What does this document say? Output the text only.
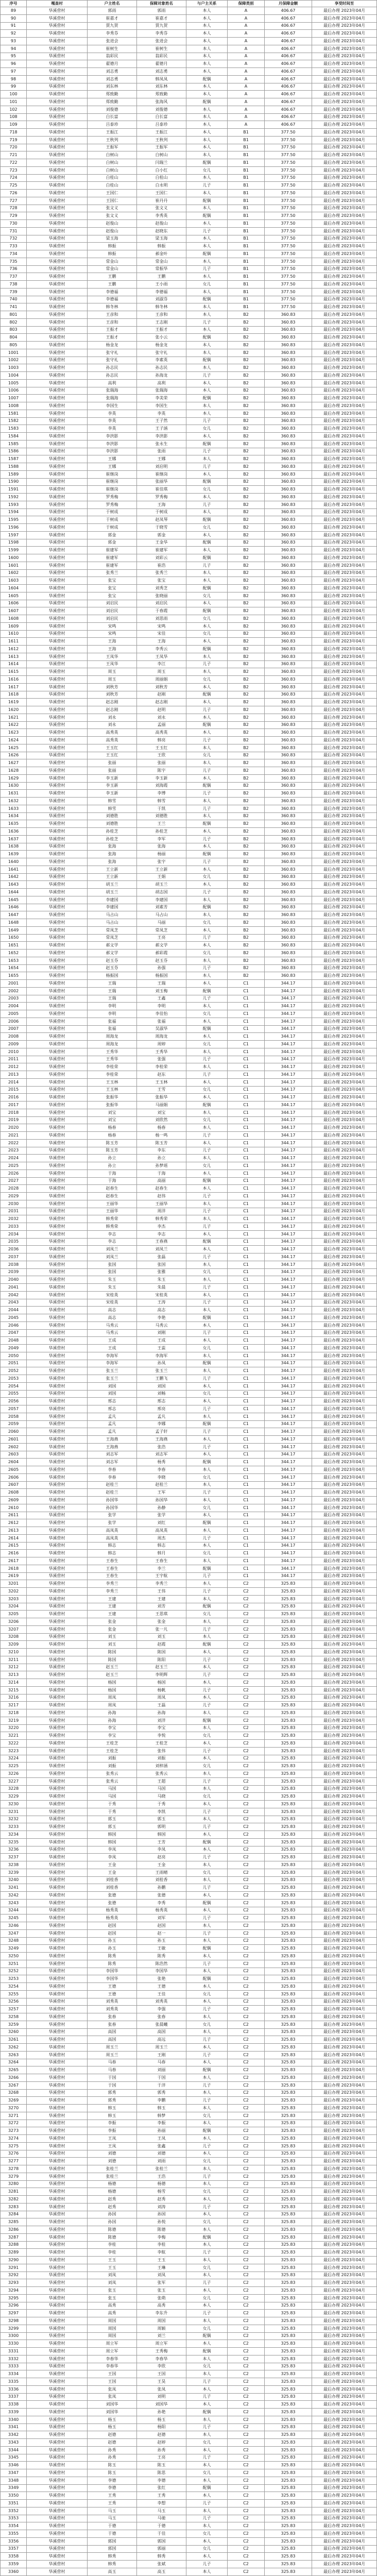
序号	嘎查村	户主姓名	保障对象姓名	与户主关系	保障类别	月保障金额	享受时间至
89	华溪营村	郭雨	郭雨	本人	A	406.67	最后办理 2023年04月
90	华溪营村	崔嘉才	崔嘉才	本人	A	406.67	最后办理 2023年04月
91	华溪营村	贾九贺	贾九贺	本人	A	406.67	最后办理 2023年04月
92	华溪营村	李秀芬	李秀芬	本人	A	406.67	最后办理 2023年04月
93	华溪营村	张进会	张进会	本人	A	406.67	最后办理 2023年04月
94	华溪营村	崔树生	崔树生	本人	A	406.67	最后办理 2023年04月
95	华溪营村	翁彩民	翁彩民	本人	A	406.67	最后办理 2023年04月
96	华溪营村	翟德月	翟德月	本人	A	406.67	最后办理 2023年04月
97	华溪营村	刘志勇	刘志勇	本人	A	406.67	最后办理 2023年04月
98	华溪营村	刘志勇	韩凤凤	配偶	A	406.67	最后办理 2023年04月
99	华溪营村	刘东林	刘东林	本人	A	406.67	最后办理 2023年04月
100	华溪营村	郑致勤	郑致勤	本人	A	406.67	最后办理 2023年04月
101	华溪营村	郑致勤	张海风	配偶	A	406.67	最后办理 2023年04月
102	华溪营村	刘俊德	刘俊德	本人	A	406.67	最后办理 2023年04月
108	华溪营村	白长富	白长富	本人	A	406.67	最后办理 2023年04月
109	华溪营村	吕泰珍	吕泰珍	本人	A	406.67	最后办理 2023年04月
718	华溪营村	王振江	王振江	本人	B1	377.50	最后办理 2023年04月
719	华溪营村	王秋列	王秋列	本人	B1	377.50	最后办理 2023年04月
720	华溪营村	王振军	王振军	本人	B1	377.50	最后办理 2023年04月
721	华溪营村	白树山	白树山	本人	B1	377.50	最后办理 2023年04月
722	华溪营村	白树山	闫瑞兰	配偶	B1	377.50	最后办理 2023年04月
723	华溪营村	白树山	白小红	女儿	B1	377.50	最后办理 2023年04月
724	华溪营村	白桂山	白桂山	本人	B1	377.50	最后办理 2023年04月
725	华溪营村	白桂山	白永明	儿子	B1	377.50	最后办理 2023年04月
726	华溪营村	王国仁	王国仁	本人	B1	377.50	最后办理 2023年04月
727	华溪营村	王国仁	崔丹丹	配偶	B1	377.50	最后办理 2023年04月
728	华溪营村	张文义	张文义	本人	B1	377.50	最后办理 2023年04月
729	华溪营村	张文义	李秀英	配偶	B1	377.50	最后办理 2023年04月
730	华溪营村	赵俊山	赵俊山	本人	B1	377.50	最后办理 2023年04月
731	华溪营村	赵俊山	赵晓东	儿子	B1	377.50	最后办理 2023年04月
732	华溪营村	梁玉海	梁玉海	本人	B1	377.50	最后办理 2023年04月
733	华溪营村	韩振	韩振	本人	B1	377.50	最后办理 2023年04月
734	华溪营村	韩振	郝金叶	配偶	B1	377.50	最后办理 2023年04月
735	华溪营村	常金山	常金山	本人	B1	377.50	最后办理 2023年04月
736	华溪营村	常金山	常振华	儿子	B1	377.50	最后办理 2023年04月
737	华溪营村	王鹏	王鹏	本人	B1	377.50	最后办理 2023年04月
738	华溪营村	王鹏	王小雨	女儿	B1	377.50	最后办理 2023年04月
739	华溪营村	李德福	李德福	本人	B1	377.50	最后办理 2023年04月
740	华溪营村	李德福	刘淑芬	配偶	B1	377.50	最后办理 2023年04月
741	华溪营村	韩冬林	韩冬林	本人	B1	377.50	最后办理 2023年04月
801	华溪营村	王彦和	王彦和	本人	B2	360.83	最后办理 2023年04月
802	华溪营村	王彦和	王志刚	儿子	B2	360.83	最后办理 2023年04月
803	华溪营村	王振才	王振才	本人	B2	360.83	最后办理 2023年04月
804	华溪营村	王振才	张小云	配偶	B2	360.83	最后办理 2023年04月
805	华溪营村	杨金龙	杨金龙	本人	B2	360.83	最后办理 2023年04月
1001	华溪营村	张守礼	张守礼	本人	B2	360.83	最后办理 2023年04月
1002	华溪营村	张守礼	李素英	配偶	B2	360.83	最后办理 2023年04月
1003	华溪营村	孙志民	孙志民	本人	B2	360.83	最后办理 2023年04月
1004	华溪营村	孙志民	孙海龙	儿子	B2	360.83	最后办理 2023年04月
1005	华溪营村	高利	高利	本人	B2	360.83	最后办理 2023年04月
1006	华溪营村	张瑞海	张瑞海	本人	B2	360.83	最后办理 2023年04月
1007	华溪营村	张瑞海	李美荣	配偶	B2	360.83	最后办理 2023年04月
1008	华溪营村	李国生	李国生	本人	B2	360.83	最后办理 2023年04月
1581	华溪营村	李英	李英	本人	B2	360.83	最后办理 2023年04月
1582	华溪营村	李英	王子然	儿子	B2	360.83	最后办理 2023年04月
1583	华溪营村	李英	王子涵	女儿	B2	360.83	最后办理 2023年04月
1584	华溪营村	李洪影	李洪影	本人	B2	360.83	最后办理 2023年04月
1585	华溪营村	李洪影	张永生	配偶	B2	360.83	最后办理 2023年04月
1586	华溪营村	李洪影	张雨	儿子	B2	360.83	最后办理 2023年04月
1587	华溪营村	王娜	王娜	本人	B2	360.83	最后办理 2023年04月
1588	华溪营村	王娜	刘启明	儿子	B2	360.83	最后办理 2023年04月
1589	华溪营村	崔继岗	崔继岗	本人	B2	360.83	最后办理 2023年04月
1590	华溪营村	崔继岗	张丽华	配偶	B2	360.83	最后办理 2023年04月
1591	华溪营村	崔继岗	崔佳琪	女儿	B2	360.83	最后办理 2023年04月
1592	华溪营村	罗秀梅	罗秀梅	本人	B2	360.83	最后办理 2023年04月
1593	华溪营村	罗秀梅	王海	儿子	B2	360.83	最后办理 2023年04月
1594	华溪营村	于树成	于树成	本人	B2	360.83	最后办理 2023年04月
1595	华溪营村	于树成	赵凤琴	配偶	B2	360.83	最后办理 2023年04月
1596	华溪营村	于树成	于晓雪	女儿	B2	360.83	最后办理 2023年04月
1597	华溪营村	郭金	郭金	本人	B2	360.83	最后办理 2023年04月
1598	华溪营村	郭金	王金华	配偶	B2	360.83	最后办理 2023年04月
1599	华溪营村	崔建军	崔建军	本人	B2	360.83	最后办理 2023年04月
1600	华溪营村	崔建军	刘彩云	配偶	B2	360.83	最后办理 2023年04月
1601	华溪营村	崔建军	崔浩	儿子	B2	360.83	最后办理 2023年04月
1602	华溪营村	张秀兰	张秀兰	本人	B2	360.83	最后办理 2023年04月
1603	华溪营村	张宝	张宝	本人	B2	360.83	最后办理 2023年04月
1604	华溪营村	张宝	刘秀芝	配偶	B2	360.83	最后办理 2023年04月
1605	华溪营村	张宝	张晓丽	女儿	B2	360.83	最后办理 2023年04月
1606	华溪营村	刘启民	刘启民	本人	B2	360.83	最后办理 2023年04月
1607	华溪营村	刘启民	于春霞	配偶	B2	360.83	最后办理 2023年04月
1608	华溪营村	刘启民	刘思雨	女儿	B2	360.83	最后办理 2023年04月
1609	华溪营村	宋鸣	宋鸣	本人	B2	360.83	最后办理 2023年04月
1610	华溪营村	宋鸣	宋佳	女儿	B2	360.83	最后办理 2023年04月
1611	华溪营村	王海	王海	本人	B2	360.83	最后办理 2023年04月
1612	华溪营村	王海	李秀云	配偶	B2	360.83	最后办理 2023年04月
1613	华溪营村	王凤华	王凤华	本人	B2	360.83	最后办理 2023年04月
1614	华溪营村	王凤华	李江	儿子	B2	360.83	最后办理 2023年04月
1615	华溪营村	周玉	周玉	本人	B2	360.83	最后办理 2023年04月
1616	华溪营村	周玉	周丽娟	女儿	B2	360.83	最后办理 2023年04月
1617	华溪营村	刘秋芳	刘秋芳	本人	B2	360.83	最后办理 2023年04月
1618	华溪营村	刘秋芳	赵刚	配偶	B2	360.83	最后办理 2023年04月
1619	华溪营村	赵志刚	赵志刚	本人	B2	360.83	最后办理 2023年04月
1620	华溪营村	赵志刚	赵明	儿子	B2	360.83	最后办理 2023年04月
1621	华溪营村	刘永	刘永	本人	B2	360.83	最后办理 2023年04月
1622	华溪营村	刘永	孟丽	配偶	B2	360.83	最后办理 2023年04月
1623	华溪营村	高秀英	高秀英	本人	B2	360.83	最后办理 2023年04月
1624	华溪营村	高秀英	韩亮	儿子	B2	360.83	最后办理 2023年04月
1625	华溪营村	王玉红	王玉红	本人	B2	360.83	最后办理 2023年04月
1626	华溪营村	王玉红	王欣	女儿	B2	360.83	最后办理 2023年04月
1627	华溪营村	张丽	张丽	本人	B2	360.83	最后办理 2023年04月
1628	华溪营村	张丽	陈宇	儿子	B2	360.83	最后办理 2023年04月
1629	华溪营村	李玉新	李玉新	本人	B2	360.83	最后办理 2023年04月
1630	华溪营村	李玉新	刘海霞	配偶	B2	360.83	最后办理 2023年04月
1631	华溪营村	李玉新	李博	儿子	B2	360.83	最后办理 2023年04月
1632	华溪营村	韩雪	韩雪	本人	B2	360.83	最后办理 2023年04月
1633	华溪营村	韩雪	于凯	儿子	B2	360.83	最后办理 2023年04月
1634	华溪营村	刘德胜	刘德胜	本人	B2	360.83	最后办理 2023年04月
1635	华溪营村	刘德胜	王兰	配偶	B2	360.83	最后办理 2023年04月
1636	华溪营村	孙桂芝	孙桂芝	本人	B2	360.83	最后办理 2023年04月
1637	华溪营村	孙桂芝	李军	儿子	B2	360.83	最后办理 2023年04月
1638	华溪营村	张海	张海	本人	B2	360.83	最后办理 2023年04月
1639	华溪营村	张海	杨丽	配偶	B2	360.83	最后办理 2023年04月
1640	华溪营村	张海	张宇	儿子	B2	360.83	最后办理 2023年04月
1641	华溪营村	王立新	王立新	本人	B2	360.83	最后办理 2023年04月
1642	华溪营村	王立新	王娟	女儿	B2	360.83	最后办理 2023年04月
1643	华溪营村	胡玉兰	胡玉兰	本人	B2	360.83	最后办理 2023年04月
1644	华溪营村	胡玉兰	胡志国	儿子	B2	360.83	最后办理 2023年04月
1645	华溪营村	李建国	李建国	本人	B2	360.83	最后办理 2023年04月
1646	华溪营村	李建国	刘素芳	配偶	B2	360.83	最后办理 2023年04月
1647	华溪营村	马占山	马占山	本人	B2	360.83	最后办理 2023年04月
1648	华溪营村	马占山	马丽	女儿	B2	360.83	最后办理 2023年04月
1649	华溪营村	常凤芝	常凤芝	本人	B2	360.83	最后办理 2023年04月
1650	华溪营村	常凤芝	王亮	儿子	B2	360.83	最后办理 2023年04月
1651	华溪营村	郝文学	郝文学	本人	B2	360.83	最后办理 2023年04月
1652	华溪营村	郝文学	郝彩霞	女儿	B2	360.83	最后办理 2023年04月
1653	华溪营村	赵玉芬	赵玉芬	本人	B2	360.83	最后办理 2023年04月
1654	华溪营村	赵玉芬	孙强	儿子	B2	360.83	最后办理 2023年04月
1655	华溪营村	杨振国	杨振国	本人	B2	360.83	最后办理 2023年04月
2001	华溪营村	王瑞	王瑞	本人	C1	344.17	最后办理 2023年04月
2002	华溪营村	王瑞	刘玉梅	配偶	C1	344.17	最后办理 2023年04月
2003	华溪营村	王瑞	王鑫	儿子	C1	344.17	最后办理 2023年04月
2004	华溪营村	李明	李明	本人	C1	344.17	最后办理 2023年04月
2005	华溪营村	李明	李佳怡	女儿	C1	344.17	最后办理 2023年04月
2006	华溪营村	张福	张福	本人	C1	344.17	最后办理 2023年04月
2007	华溪营村	张福	吴淑华	配偶	C1	344.17	最后办理 2023年04月
2008	华溪营村	周海龙	周海龙	本人	C1	344.17	最后办理 2023年04月
2009	华溪营村	周海龙	周婷	女儿	C1	344.17	最后办理 2023年04月
2010	华溪营村	王秀华	王秀华	本人	C1	344.17	最后办理 2023年04月
2011	华溪营村	王秀华	张强	儿子	C1	344.17	最后办理 2023年04月
2012	华溪营村	李桂荣	李桂荣	本人	C1	344.17	最后办理 2023年04月
2013	华溪营村	李桂荣	赵东	儿子	C1	344.17	最后办理 2023年04月
2014	华溪营村	王玉林	王玉林	本人	C1	344.17	最后办理 2023年04月
2015	华溪营村	王玉林	王雪	女儿	C1	344.17	最后办理 2023年04月
2016	华溪营村	张振华	张振华	本人	C1	344.17	最后办理 2023年04月
2017	华溪营村	张振华	马丽娟	配偶	C1	344.17	最后办理 2023年04月
2018	华溪营村	刘宝	刘宝	本人	C1	344.17	最后办理 2023年04月
2019	华溪营村	刘宝	刘欣然	女儿	C1	344.17	最后办理 2023年04月
2020	华溪营村	杨春	杨春	本人	C1	344.17	最后办理 2023年04月
2021	华溪营村	杨春	杨一鸣	儿子	C1	344.17	最后办理 2023年04月
2022	华溪营村	陈玉芳	陈玉芳	本人	C1	344.17	最后办理 2023年04月
2023	华溪营村	陈玉芳	李东	儿子	C1	344.17	最后办理 2023年04月
2024	华溪营村	孙立	孙立	本人	C1	344.17	最后办理 2023年04月
2025	华溪营村	孙立	孙梦瑶	女儿	C1	344.17	最后办理 2023年04月
2026	华溪营村	于海	于海	本人	C1	344.17	最后办理 2023年04月
2027	华溪营村	于海	高丽	配偶	C1	344.17	最后办理 2023年04月
2028	华溪营村	赵春生	赵春生	本人	C1	344.17	最后办理 2023年04月
2029	华溪营村	赵春生	赵伟	儿子	C1	344.17	最后办理 2023年04月
2030	华溪营村	王丽华	王丽华	本人	C1	344.17	最后办理 2023年04月
2031	华溪营村	王丽华	周洋	儿子	C1	344.17	最后办理 2023年04月
2032	华溪营村	韩秀荣	韩秀荣	本人	C1	344.17	最后办理 2023年04月
2033	华溪营村	韩秀荣	李杰	儿子	C1	344.17	最后办理 2023年04月
2034	华溪营村	李志	李志	本人	C1	344.17	最后办理 2023年04月
2035	华溪营村	李志	王春燕	配偶	C1	344.17	最后办理 2023年04月
2036	华溪营村	刘凤兰	刘凤兰	本人	C1	344.17	最后办理 2023年04月
2037	华溪营村	刘凤兰	张磊	儿子	C1	344.17	最后办理 2023年04月
2038	华溪营村	张国	张国	本人	C1	344.17	最后办理 2023年04月
2039	华溪营村	张国	张雅	女儿	C1	344.17	最后办理 2023年04月
2040	华溪营村	朱玉	朱玉	本人	C1	344.17	最后办理 2023年04月
2041	华溪营村	朱玉	朱晨	儿子	C1	344.17	最后办理 2023年04月
2042	华溪营村	宋桂英	宋桂英	本人	C1	344.17	最后办理 2023年04月
2043	华溪营村	宋桂英	王涛	儿子	C1	344.17	最后办理 2023年04月
2044	华溪营村	高志	高志	本人	C1	344.17	最后办理 2023年04月
2045	华溪营村	高志	李艳	配偶	C1	344.17	最后办理 2023年04月
2046	华溪营村	马秀云	马秀云	本人	C1	344.17	最后办理 2023年04月
2047	华溪营村	马秀云	刘刚	儿子	C1	344.17	最后办理 2023年04月
2048	华溪营村	王成	王成	本人	C1	344.17	最后办理 2023年04月
2049	华溪营村	王成	王蕊	女儿	C1	344.17	最后办理 2023年04月
2050	华溪营村	李海军	李海军	本人	C1	344.17	最后办理 2023年04月
2051	华溪营村	李海军	孙凤	配偶	C1	344.17	最后办理 2023年04月
2052	华溪营村	张玉兰	张玉兰	本人	C1	344.17	最后办理 2023年04月
2053	华溪营村	张玉兰	王鹏飞	儿子	C1	344.17	最后办理 2023年04月
2054	华溪营村	刘国	刘国	本人	C1	344.17	最后办理 2023年04月
2055	华溪营村	刘国	刘畅	女儿	C1	344.17	最后办理 2023年04月
2056	华溪营村	邢志	邢志	本人	C1	344.17	最后办理 2023年04月
2057	华溪营村	邢志	邢亮	儿子	C1	344.17	最后办理 2023年04月
2058	华溪营村	孟凡	孟凡	本人	C1	344.17	最后办理 2023年04月
2059	华溪营村	孟凡	李娜	配偶	C1	344.17	最后办理 2023年04月
2060	华溪营村	孟凡	孟子轩	儿子	C1	344.17	最后办理 2023年04月
2601	华溪营村	王海燕	王海燕	本人	C1	344.17	最后办理 2023年04月
2602	华溪营村	王海燕	张浩	儿子	C1	344.17	最后办理 2023年04月
2603	华溪营村	刘志军	刘志军	本人	C1	344.17	最后办理 2023年04月
2604	华溪营村	刘志军	杨秀	配偶	C1	344.17	最后办理 2023年04月
2605	华溪营村	李春	李春	本人	C1	344.17	最后办理 2023年04月
2606	华溪营村	李春	李晓	女儿	C1	344.17	最后办理 2023年04月
2607	华溪营村	赵桂兰	赵桂兰	本人	C1	344.17	最后办理 2023年04月
2608	华溪营村	赵桂兰	王军	儿子	C1	344.17	最后办理 2023年04月
2609	华溪营村	孙国华	孙国华	本人	C1	344.17	最后办理 2023年04月
2610	华溪营村	孙国华	孙静	女儿	C1	344.17	最后办理 2023年04月
2611	华溪营村	张学	张学	本人	C1	344.17	最后办理 2023年04月
2612	华溪营村	张学	刘红	配偶	C1	344.17	最后办理 2023年04月
2613	华溪营村	高凤英	高凤英	本人	C1	344.17	最后办理 2023年04月
2614	华溪营村	高凤英	周杰	儿子	C1	344.17	最后办理 2023年04月
2615	华溪营村	韩志	韩志	本人	C1	344.17	最后办理 2023年04月
2616	华溪营村	韩志	韩月	女儿	C1	344.17	最后办理 2023年04月
2617	华溪营村	王春生	王春生	本人	C1	344.17	最后办理 2023年04月
2618	华溪营村	王春生	李兰	配偶	C1	344.17	最后办理 2023年04月
2619	华溪营村	王春生	王宇航	儿子	C1	344.17	最后办理 2023年04月
3201	华溪营村	李秀兰	李秀兰	本人	C2	325.83	最后办理 2023年04月
3202	华溪营村	李秀兰	王伟	儿子	C2	325.83	最后办理 2023年04月
3203	华溪营村	王建	王建	本人	C2	325.83	最后办理 2023年04月
3204	华溪营村	王建	刘芳	配偶	C2	325.83	最后办理 2023年04月
3205	华溪营村	王建	王思琪	女儿	C2	325.83	最后办理 2023年04月
3206	华溪营村	张金	张金	本人	C2	325.83	最后办理 2023年04月
3207	华溪营村	张金	张一凡	儿子	C2	325.83	最后办理 2023年04月
3208	华溪营村	刘玉	刘玉	本人	C2	325.83	最后办理 2023年04月
3209	华溪营村	刘玉	赵霞	配偶	C2	325.83	最后办理 2023年04月
3210	华溪营村	陈国	陈国	本人	C2	325.83	最后办理 2023年04月
3211	华溪营村	陈国	陈阳	儿子	C2	325.83	最后办理 2023年04月
3212	华溪营村	赵玉兰	赵玉兰	本人	C2	325.83	最后办理 2023年04月
3213	华溪营村	赵玉兰	李明辉	儿子	C2	325.83	最后办理 2023年04月
3214	华溪营村	杨国	杨国	本人	C2	325.83	最后办理 2023年04月
3215	华溪营村	杨国	杨帆	儿子	C2	325.83	最后办理 2023年04月
3216	华溪营村	周凤	周凤	本人	C2	325.83	最后办理 2023年04月
3217	华溪营村	周凤	王磊	儿子	C2	325.83	最后办理 2023年04月
3218	华溪营村	孙海	孙海	本人	C2	325.83	最后办理 2023年04月
3219	华溪营村	孙海	刘洋	配偶	C2	325.83	最后办理 2023年04月
3220	华溪营村	李宝	李宝	本人	C2	325.83	最后办理 2023年04月
3221	华溪营村	李宝	李悦	女儿	C2	325.83	最后办理 2023年04月
3222	华溪营村	王桂芝	王桂芝	本人	C2	325.83	最后办理 2023年04月
3223	华溪营村	王桂芝	张伟	儿子	C2	325.83	最后办理 2023年04月
3224	华溪营村	刘振	刘振	本人	C2	325.83	最后办理 2023年04月
3225	华溪营村	刘振	刘梓涵	女儿	C2	325.83	最后办理 2023年04月
3226	华溪营村	张秀云	张秀云	本人	C2	325.83	最后办理 2023年04月
3227	华溪营村	张秀云	王超	儿子	C2	325.83	最后办理 2023年04月
3228	华溪营村	马国	马国	本人	C2	325.83	最后办理 2023年04月
3229	华溪营村	马国	马晓	女儿	C2	325.83	最后办理 2023年04月
3230	华溪营村	于秀	于秀	本人	C2	325.83	最后办理 2023年04月
3231	华溪营村	于秀	李凯	儿子	C2	325.83	最后办理 2023年04月
3232	华溪营村	郭玉	郭玉	本人	C2	325.83	最后办理 2023年04月
3233	华溪营村	郭玉	郭明	儿子	C2	325.83	最后办理 2023年04月
3234	华溪营村	韩国	韩国	本人	C2	325.83	最后办理 2023年04月
3235	华溪营村	韩国	王芳	配偶	C2	325.83	最后办理 2023年04月
3236	华溪营村	李凤	李凤	本人	C2	325.83	最后办理 2023年04月
3237	华溪营村	李凤	赵亮	儿子	C2	325.83	最后办理 2023年04月
3238	华溪营村	王金	王金	本人	C2	325.83	最后办理 2023年04月
3239	华溪营村	王金	王雨晴	女儿	C2	325.83	最后办理 2023年04月
3240	华溪营村	刘桂香	刘桂香	本人	C2	325.83	最后办理 2023年04月
3241	华溪营村	刘桂香	孙鹏	儿子	C2	325.83	最后办理 2023年04月
3242	华溪营村	张德	张德	本人	C2	325.83	最后办理 2023年04月
3243	华溪营村	张德	李秀	配偶	C2	325.83	最后办理 2023年04月
3244	华溪营村	杨秀英	杨秀英	本人	C2	325.83	最后办理 2023年04月
3245	华溪营村	杨秀英	刘军	儿子	C2	325.83	最后办理 2023年04月
3246	华溪营村	赵国	赵国	本人	C2	325.83	最后办理 2023年04月
3247	华溪营村	赵国	赵一	儿子	C2	325.83	最后办理 2023年04月
3248	华溪营村	孙玉	孙玉	本人	C2	325.83	最后办理 2023年04月
3249	华溪营村	孙玉	王敏	配偶	C2	325.83	最后办理 2023年04月
3250	华溪营村	陈秀	陈秀	本人	C2	325.83	最后办理 2023年04月
3251	华溪营村	陈秀	陈浩然	儿子	C2	325.83	最后办理 2023年04月
3252	华溪营村	李国华	李国华	本人	C2	325.83	最后办理 2023年04月
3253	华溪营村	李国华	张艳	配偶	C2	325.83	最后办理 2023年04月
3254	华溪营村	王德	王德	本人	C2	325.83	最后办理 2023年04月
3255	华溪营村	王德	王佳	女儿	C2	325.83	最后办理 2023年04月
3256	华溪营村	刘秀英	刘秀英	本人	C2	325.83	最后办理 2023年04月
3257	华溪营村	刘秀英	李强	儿子	C2	325.83	最后办理 2023年04月
3258	华溪营村	张春	张春	本人	C2	325.83	最后办理 2023年04月
3259	华溪营村	张春	张晨曦	女儿	C2	325.83	最后办理 2023年04月
3260	华溪营村	高国	高国	本人	C2	325.83	最后办理 2023年04月
3261	华溪营村	高国	高远	儿子	C2	325.83	最后办理 2023年04月
3262	华溪营村	周玉兰	周玉兰	本人	C2	325.83	最后办理 2023年04月
3263	华溪营村	周玉兰	王刚	儿子	C2	325.83	最后办理 2023年04月
3264	华溪营村	马春	马春	本人	C2	325.83	最后办理 2023年04月
3265	华溪营村	马春	刘丽	配偶	C2	325.83	最后办理 2023年04月
3266	华溪营村	于国	于国	本人	C2	325.83	最后办理 2023年04月
3267	华溪营村	于国	于洋	儿子	C2	325.83	最后办理 2023年04月
3268	华溪营村	郭秀	郭秀	本人	C2	325.83	最后办理 2023年04月
3269	华溪营村	郭秀	李鹏	儿子	C2	325.83	最后办理 2023年04月
3270	华溪营村	韩玉	韩玉	本人	C2	325.83	最后办理 2023年04月
3271	华溪营村	韩玉	韩梦	女儿	C2	325.83	最后办理 2023年04月
3272	华溪营村	李振	李振	本人	C2	325.83	最后办理 2023年04月
3273	华溪营村	李振	孙丽	配偶	C2	325.83	最后办理 2023年04月
3274	华溪营村	王凤	王凤	本人	C2	325.83	最后办理 2023年04月
3275	华溪营村	王凤	张鑫	儿子	C2	325.83	最后办理 2023年04月
3276	华溪营村	刘德	刘德	本人	C2	325.83	最后办理 2023年04月
3277	华溪营村	刘德	刘雨	女儿	C2	325.83	最后办理 2023年04月
3278	华溪营村	张桂兰	张桂兰	本人	C2	325.83	最后办理 2023年04月
3279	华溪营村	张桂兰	王浩	儿子	C2	325.83	最后办理 2023年04月
3280	华溪营村	杨德	杨德	本人	C2	325.83	最后办理 2023年04月
3281	华溪营村	杨德	杨雪	女儿	C2	325.83	最后办理 2023年04月
3282	华溪营村	赵秀	赵秀	本人	C2	325.83	最后办理 2023年04月
3283	华溪营村	赵秀	刘涛	儿子	C2	325.83	最后办理 2023年04月
3284	华溪营村	孙国	孙国	本人	C2	325.83	最后办理 2023年04月
3285	华溪营村	孙国	孙悦	女儿	C2	325.83	最后办理 2023年04月
3286	华溪营村	陈德	陈德	本人	C2	325.83	最后办理 2023年04月
3287	华溪营村	陈德	李梅	配偶	C2	325.83	最后办理 2023年04月
3288	华溪营村	李桂	李桂	本人	C2	325.83	最后办理 2023年04月
3289	华溪营村	李桂	李航	儿子	C2	325.83	最后办理 2023年04月
3290	华溪营村	王玉	王玉	本人	C2	325.83	最后办理 2023年04月
3291	华溪营村	王玉	王琳	女儿	C2	325.83	最后办理 2023年04月
3292	华溪营村	刘凤	刘凤	本人	C2	325.83	最后办理 2023年04月
3293	华溪营村	刘凤	张军	儿子	C2	325.83	最后办理 2023年04月
3294	华溪营村	张玉	张玉	本人	C2	325.83	最后办理 2023年04月
3295	华溪营村	张玉	张萌	女儿	C2	325.83	最后办理 2023年04月
3296	华溪营村	高秀	高秀	本人	C2	325.83	最后办理 2023年04月
3297	华溪营村	高秀	李东升	儿子	C2	325.83	最后办理 2023年04月
3298	华溪营村	周国	周国	本人	C2	325.83	最后办理 2023年04月
3299	华溪营村	周国	周颖	女儿	C2	325.83	最后办理 2023年04月
3300	华溪营村	周国	刘兰	配偶	C2	325.83	最后办理 2023年04月
3330	华溪营村	周立军	周立军	本人	C2	325.83	最后办理 2023年04月
3331	华溪营村	周立军	王秀梅	配偶	C2	325.83	最后办理 2023年04月
3332	华溪营村	李春华	李春华	本人	C2	325.83	最后办理 2023年04月
3333	华溪营村	李春华	李欣	女儿	C2	325.83	最后办理 2023年04月
3334	华溪营村	王国	王国	本人	C2	325.83	最后办理 2023年04月
3335	华溪营村	王国	王昊	儿子	C2	325.83	最后办理 2023年04月
3336	华溪营村	张凤	张凤	本人	C2	325.83	最后办理 2023年04月
3337	华溪营村	张凤	刘明	儿子	C2	325.83	最后办理 2023年04月
3338	华溪营村	刘国华	刘国华	本人	C2	325.83	最后办理 2023年04月
3339	华溪营村	刘国华	孙艳	配偶	C2	325.83	最后办理 2023年04月
3340	华溪营村	杨玉	杨玉	本人	C2	325.83	最后办理 2023年04月
3341	华溪营村	杨玉	杨阳	儿子	C2	325.83	最后办理 2023年04月
3342	华溪营村	赵德	赵德	本人	C2	325.83	最后办理 2023年04月
3343	华溪营村	赵德	赵婷	女儿	C2	325.83	最后办理 2023年04月
3344	华溪营村	孙秀	孙秀	本人	C2	325.83	最后办理 2023年04月
3345	华溪营村	孙秀	王亮	儿子	C2	325.83	最后办理 2023年04月
3346	华溪营村	陈玉	陈玉	本人	C2	325.83	最后办理 2023年04月
3347	华溪营村	陈玉	陈思	女儿	C2	325.83	最后办理 2023年04月
3348	华溪营村	李德	李德	本人	C2	325.83	最后办理 2023年04月
3349	华溪营村	李德	张红	配偶	C2	325.83	最后办理 2023年04月
3350	华溪营村	王秀	王秀	本人	C2	325.83	最后办理 2023年04月
3351	华溪营村	王秀	李想	儿子	C2	325.83	最后办理 2023年04月
3352	华溪营村	马玉	马玉	本人	C2	325.83	最后办理 2023年04月
3353	华溪营村	马玉	马驰	儿子	C2	325.83	最后办理 2023年04月
3354	华溪营村	于德	于德	本人	C2	325.83	最后办理 2023年04月
3355	华溪营村	于德	于佳	女儿	C2	325.83	最后办理 2023年04月
3356	华溪营村	郭国	郭国	本人	C2	325.83	最后办理 2023年04月
3357	华溪营村	郭国	郭丽	女儿	C2	325.83	最后办理 2023年04月
3358	华溪营村	韩秀	韩秀	本人	C2	325.83	最后办理 2023年04月
3359	华溪营村	韩秀	张斌	儿子	C2	325.83	最后办理 2023年04月
3360	华溪营村	高玉	高玉	本人	C2	325.83	最后办理 2023年04月
